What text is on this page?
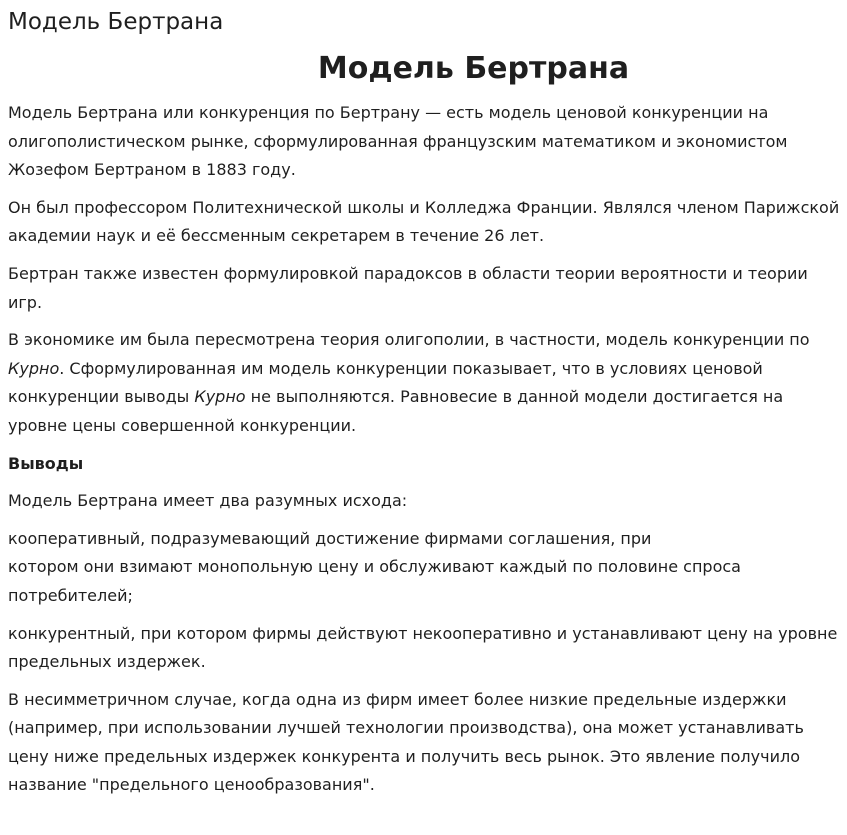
Модель Бертрана
Модель Бертрана

Модель Бертрана или конкуренция по Бертрану — есть модель ценовой конкуренции на
олигополистическом рынке, сформулированная французским математиком и экономистом
Жозефом Бертраном в 1883 году.

Он был профессором Политехнической школы и Колледжа Франции. Являлся членом Парижской
академии наук и её бессменным секретарем в течение 26 лет.

Бертран также известен формулировкой парадоксов в области теории вероятности и теории
игр.

В экономике им была пересмотрена теория олигополии, в частности, модель конкуренции по
Курно. Сформулированная им модель конкуренции показывает, что в условиях ценовой
конкуренции выводы Курно не выполняются. Равновесие в данной модели достигается на
уровне цены совершенной конкуренции.

Выводы

Модель Бертрана имеет два разумных исхода:

кооперативный, подразумевающий достижение фирмами соглашения, при
котором они взимают монопольную цену и обслуживают каждый по половине спроса
потребителей;

конкурентный, при котором фирмы действуют некооперативно и устанавливают цену на уровне
предельных издержек.

В несимметричном случае, когда одна из фирм имеет более низкие предельные издержки
(например, при использовании лучшей технологии производства), она может устанавливать
цену ниже предельных издержек конкурента и получить весь рынок. Это явление получило
название "предельного ценообразования".
